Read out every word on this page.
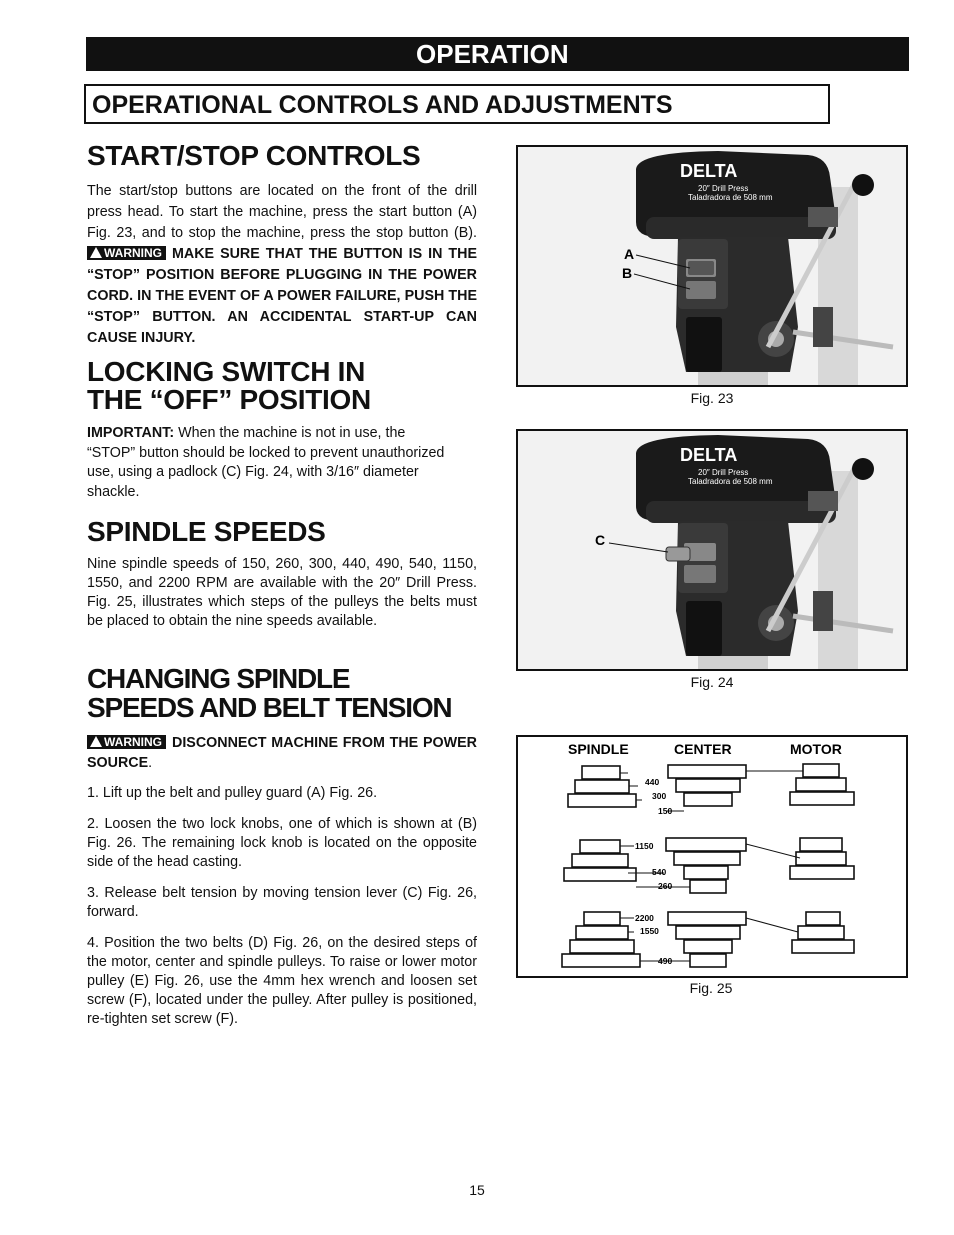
OPERATION
OPERATIONAL CONTROLS AND ADJUSTMENTS
START/STOP CONTROLS
The start/stop buttons are located on the front of the drill press head. To start the machine, press the start button (A) Fig. 23, and to stop the machine, press the stop button (B). WARNING MAKE SURE THAT THE BUTTON IS IN THE “STOP” POSITION BEFORE PLUGGING IN THE POWER CORD. IN THE EVENT OF A POWER FAILURE, PUSH THE “STOP” BUTTON. AN ACCIDENTAL START-UP CAN CAUSE INJURY.
LOCKING SWITCH IN
THE “OFF” POSITION
IMPORTANT: When the machine is not in use, the “STOP” button should be locked to prevent unauthorized use, using a padlock (C) Fig. 24, with 3/16″ diameter shackle.
SPINDLE SPEEDS
Nine spindle speeds of 150, 260, 300, 440, 490, 540, 1150, 1550, and 2200 RPM are available with the 20″ Drill Press. Fig. 25, illustrates which steps of the pulleys the belts must be placed to obtain the nine speeds available.
CHANGING SPINDLE
SPEEDS AND BELT TENSION
WARNING DISCONNECT MACHINE FROM THE POWER SOURCE.
1. Lift up the belt and pulley guard (A) Fig. 26.
2. Loosen the two lock knobs, one of which is shown at (B) Fig. 26. The remaining lock knob is located on the opposite side of the head casting.
3. Release belt tension by moving tension lever (C) Fig. 26, forward.
4. Position the two belts (D) Fig. 26, on the desired steps of the motor, center and spindle pulleys. To raise or lower motor pulley (E) Fig. 26, use the 4mm hex wrench and loosen set screw (F), located under the pulley. After pulley is positioned, re-tighten set screw (F).
DELTA
20″ Drill Press
Taladradora de 508 mm
A
B
Fig. 23
DELTA
20″ Drill Press
Taladradora de 508 mm
C
Fig. 24
SPINDLE	CENTER	MOTOR
440
300
150
1150
540
260
2200
1550
490
Fig. 25
15
